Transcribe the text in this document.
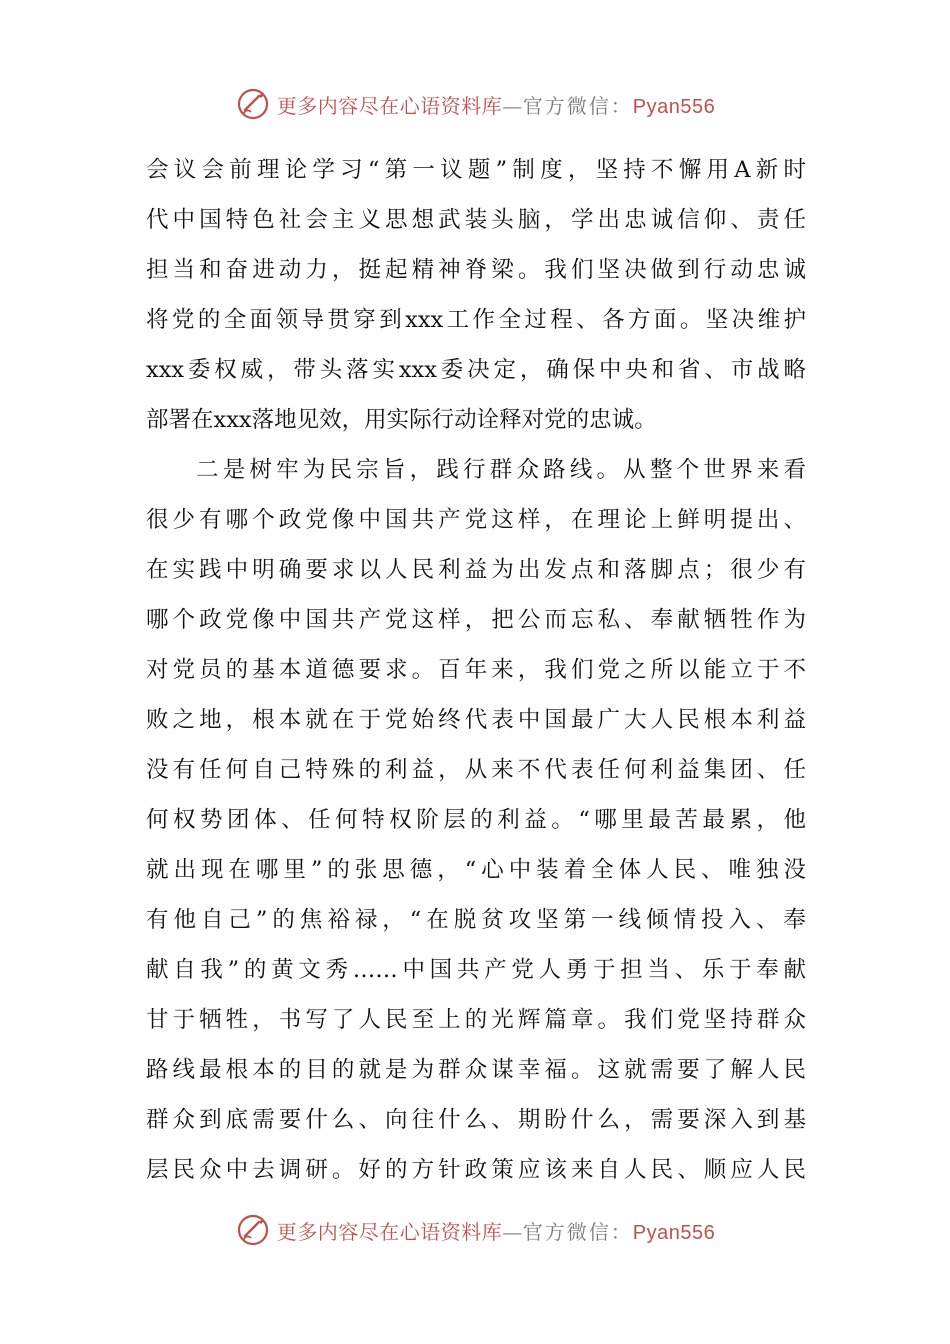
更多内容尽在心语资料库—官方微信：Pyan556
会议会前理论学习“第一议题”制度，坚持不懈用A新时
代中国特色社会主义思想武装头脑，学出忠诚信仰、责任
担当和奋进动力，挺起精神脊梁。我们坚决做到行动忠诚
将党的全面领导贯穿到xxx工作全过程、各方面。坚决维护
xxx委权威，带头落实xxx委决定，确保中央和省、市战略
部署在xxx落地见效，用实际行动诠释对党的忠诚。
二是树牢为民宗旨，践行群众路线。从整个世界来看
很少有哪个政党像中国共产党这样，在理论上鲜明提出、
在实践中明确要求以人民利益为出发点和落脚点；很少有
哪个政党像中国共产党这样，把公而忘私、奉献牺牲作为
对党员的基本道德要求。百年来，我们党之所以能立于不
败之地，根本就在于党始终代表中国最广大人民根本利益
没有任何自己特殊的利益，从来不代表任何利益集团、任
何权势团体、任何特权阶层的利益。“哪里最苦最累，他
就出现在哪里”的张思德，“心中装着全体人民、唯独没
有他自己”的焦裕禄，“在脱贫攻坚第一线倾情投入、奉
献自我”的黄文秀……中国共产党人勇于担当、乐于奉献
甘于牺牲，书写了人民至上的光辉篇章。我们党坚持群众
路线最根本的目的就是为群众谋幸福。这就需要了解人民
群众到底需要什么、向往什么、期盼什么，需要深入到基
层民众中去调研。好的方针政策应该来自人民、顺应人民
更多内容尽在心语资料库—官方微信：Pyan556
